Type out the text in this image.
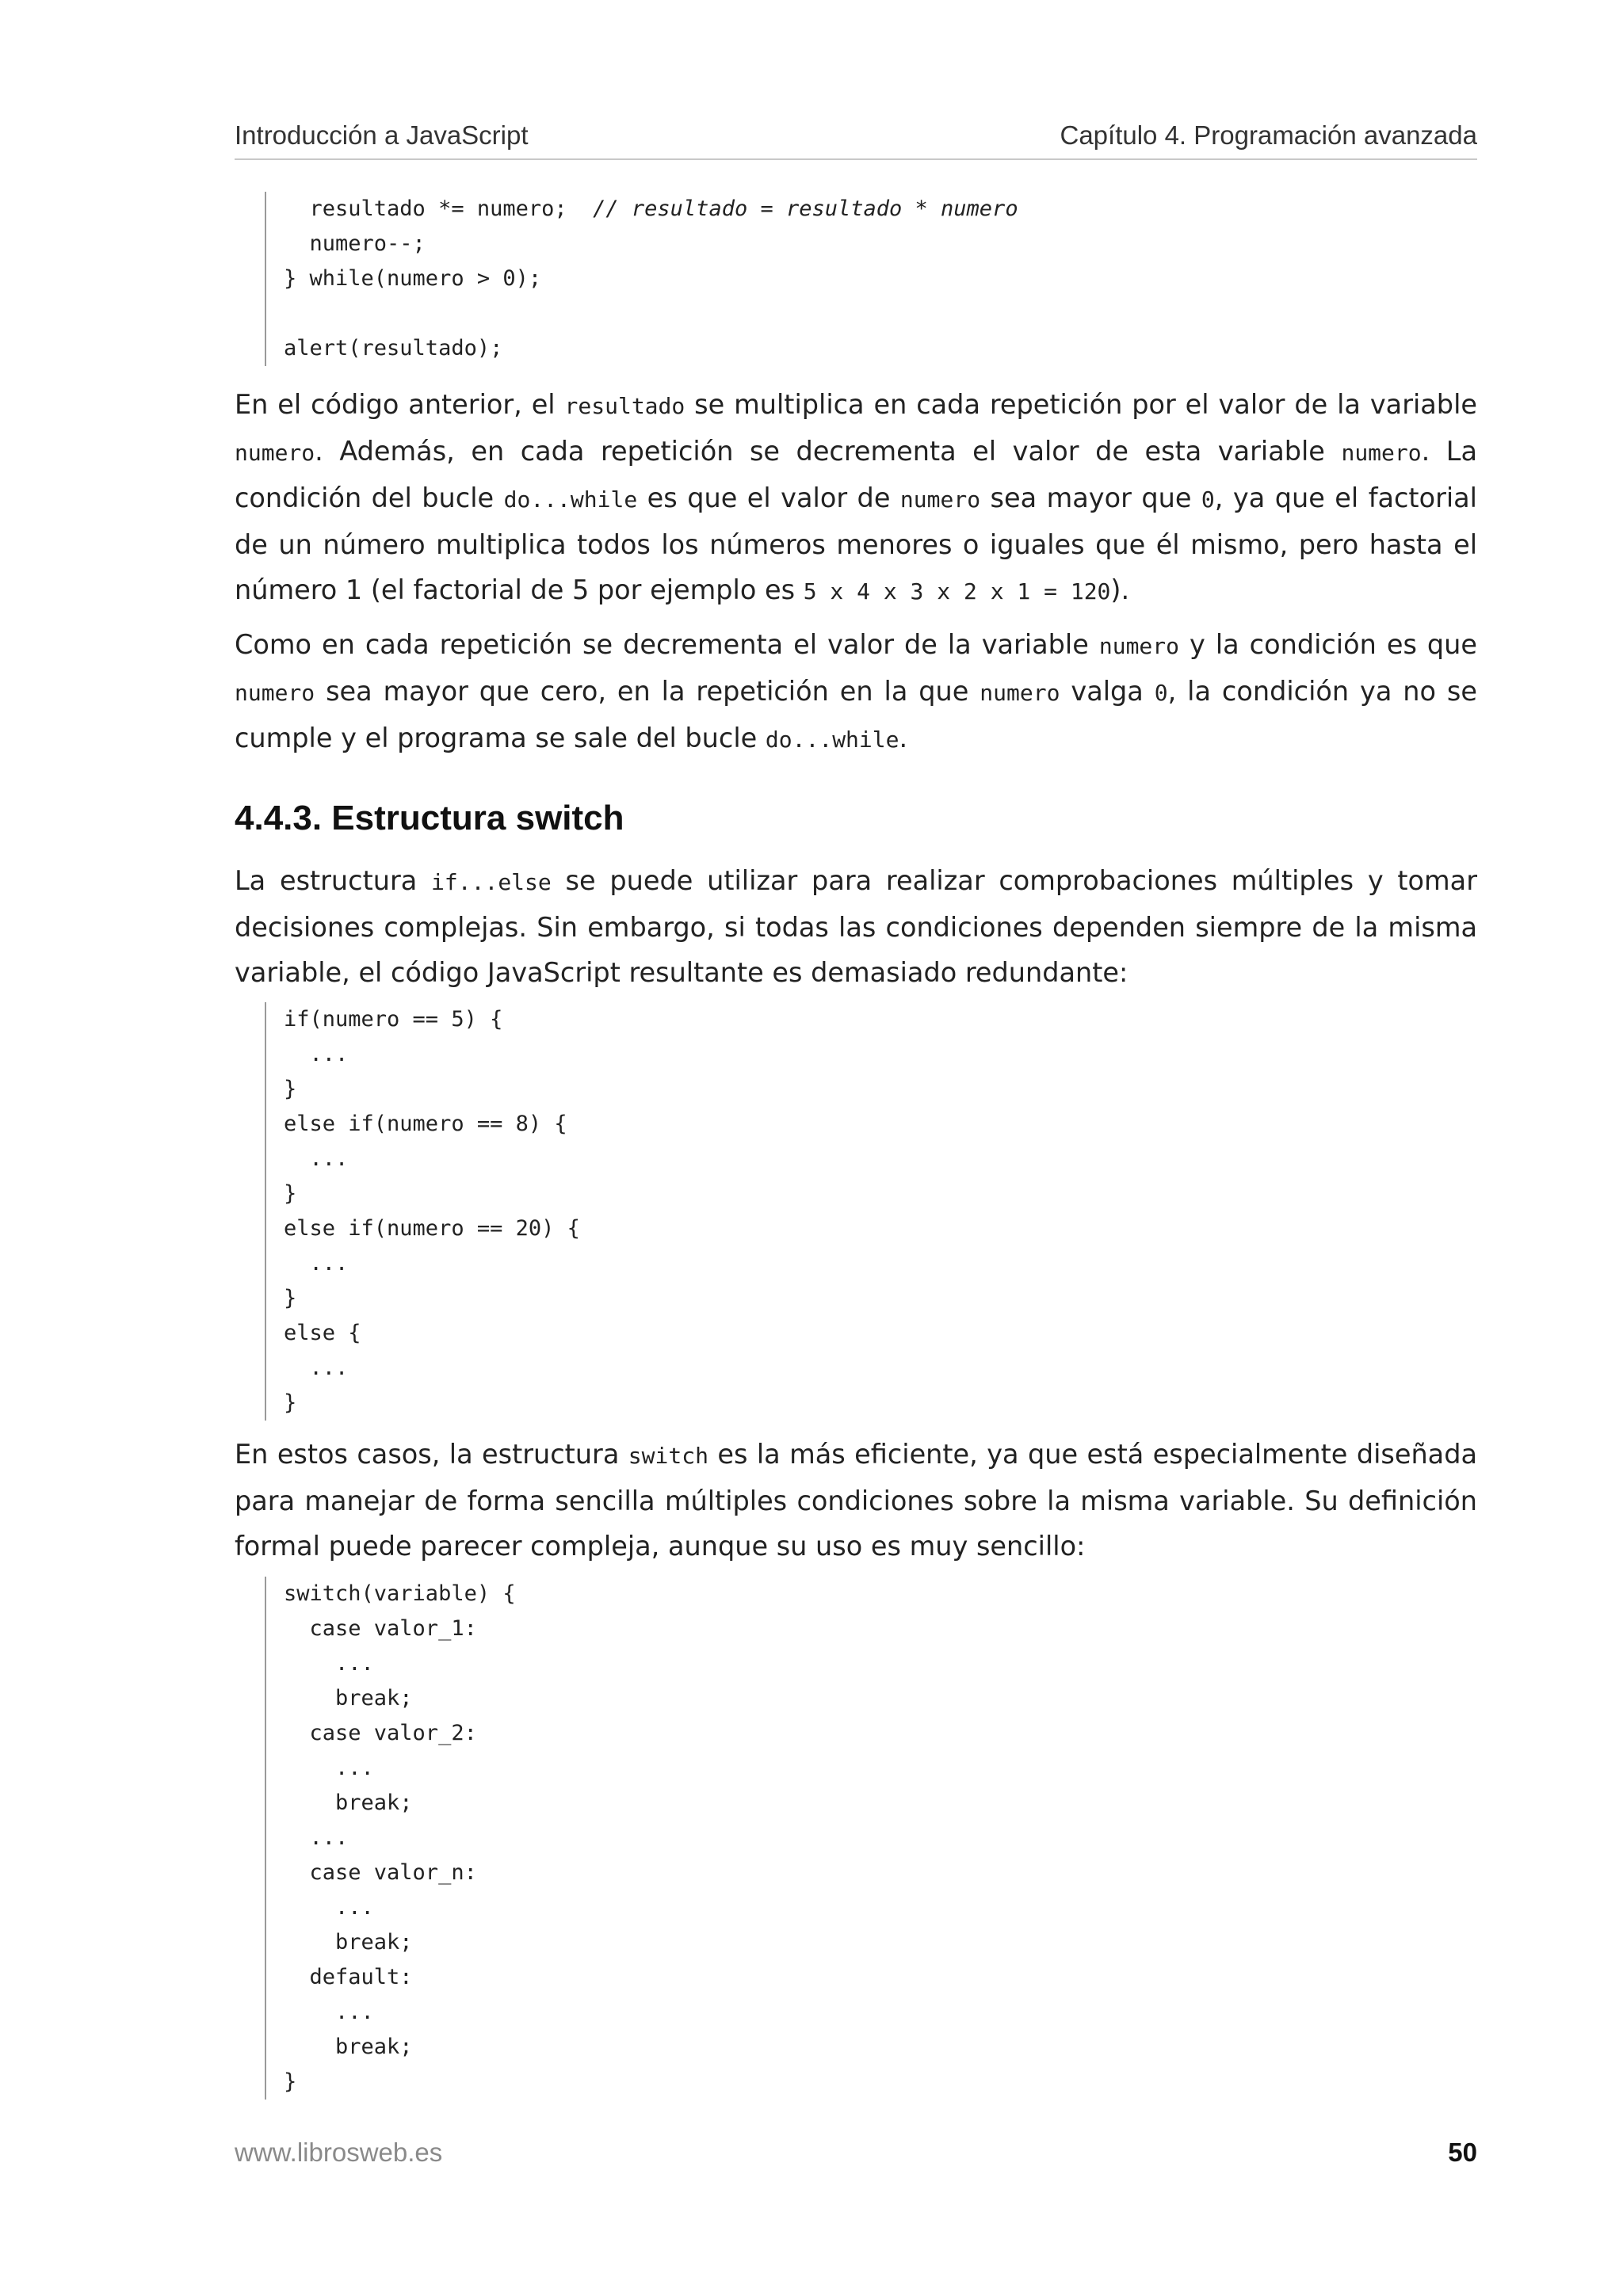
Introducción a JavaScript	Capítulo 4. Programación avanzada
resultado *= numero;  // resultado = resultado * numero
numero--;
} while(numero > 0);

alert(resultado);

En el código anterior, el resultado se multiplica en cada repetición por el valor de la variable numero. Además, en cada repetición se decrementa el valor de esta variable numero. La condición del bucle do...while es que el valor de numero sea mayor que 0, ya que el factorial de un número multiplica todos los números menores o iguales que él mismo, pero hasta el número 1 (el factorial de 5 por ejemplo es 5 x 4 x 3 x 2 x 1 = 120).

Como en cada repetición se decrementa el valor de la variable numero y la condición es que numero sea mayor que cero, en la repetición en la que numero valga 0, la condición ya no se cumple y el programa se sale del bucle do...while.

4.4.3. Estructura switch

La estructura if...else se puede utilizar para realizar comprobaciones múltiples y tomar decisiones complejas. Sin embargo, si todas las condiciones dependen siempre de la misma variable, el código JavaScript resultante es demasiado redundante:

if(numero == 5) {
...
}
else if(numero == 8) {
...
}
else if(numero == 20) {
...
}
else {
...
}

En estos casos, la estructura switch es la más eficiente, ya que está especialmente diseñada para manejar de forma sencilla múltiples condiciones sobre la misma variable. Su definición formal puede parecer compleja, aunque su uso es muy sencillo:

switch(variable) {
case valor_1:
...
break;
case valor_2:
...
break;
...
case valor_n:
...
break;
default:
...
break;
}
www.librosweb.es	50
